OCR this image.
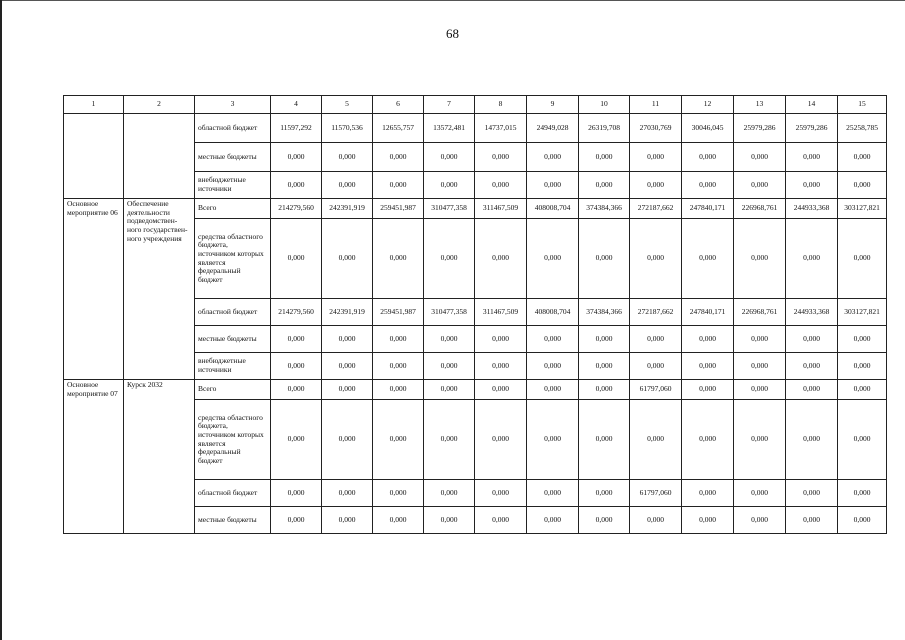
68
1	2	3	4	5	6	7	8	9	10	11	12	13	14	15
		областной бюджет	11597,292	11570,536	12655,757	13572,481	14737,015	24949,028	26319,708	27030,769	30046,045	25979,286	25979,286	25258,785
		местные бюджеты	0,000	0,000	0,000	0,000	0,000	0,000	0,000	0,000	0,000	0,000	0,000	0,000
		внебюджетные источники	0,000	0,000	0,000	0,000	0,000	0,000	0,000	0,000	0,000	0,000	0,000	0,000
Основное мероприятие 06	Обеспечение деятельности подведомствен-ного государствен-ного учреждения	Всего	214279,560	242391,919	259451,987	310477,358	311467,509	408008,704	374384,366	272187,662	247840,171	226968,761	244933,368	303127,821
		средства областного бюджета, источником которых является федеральный бюджет	0,000	0,000	0,000	0,000	0,000	0,000	0,000	0,000	0,000	0,000	0,000	0,000
		областной бюджет	214279,560	242391,919	259451,987	310477,358	311467,509	408008,704	374384,366	272187,662	247840,171	226968,761	244933,368	303127,821
		местные бюджеты	0,000	0,000	0,000	0,000	0,000	0,000	0,000	0,000	0,000	0,000	0,000	0,000
		внебюджетные источники	0,000	0,000	0,000	0,000	0,000	0,000	0,000	0,000	0,000	0,000	0,000	0,000
Основное мероприятие 07	Курск 2032	Всего	0,000	0,000	0,000	0,000	0,000	0,000	0,000	61797,060	0,000	0,000	0,000	0,000
		средства областного бюджета, источником которых является федеральный бюджет	0,000	0,000	0,000	0,000	0,000	0,000	0,000	0,000	0,000	0,000	0,000	0,000
		областной бюджет	0,000	0,000	0,000	0,000	0,000	0,000	0,000	61797,060	0,000	0,000	0,000	0,000
		местные бюджеты	0,000	0,000	0,000	0,000	0,000	0,000	0,000	0,000	0,000	0,000	0,000	0,000
